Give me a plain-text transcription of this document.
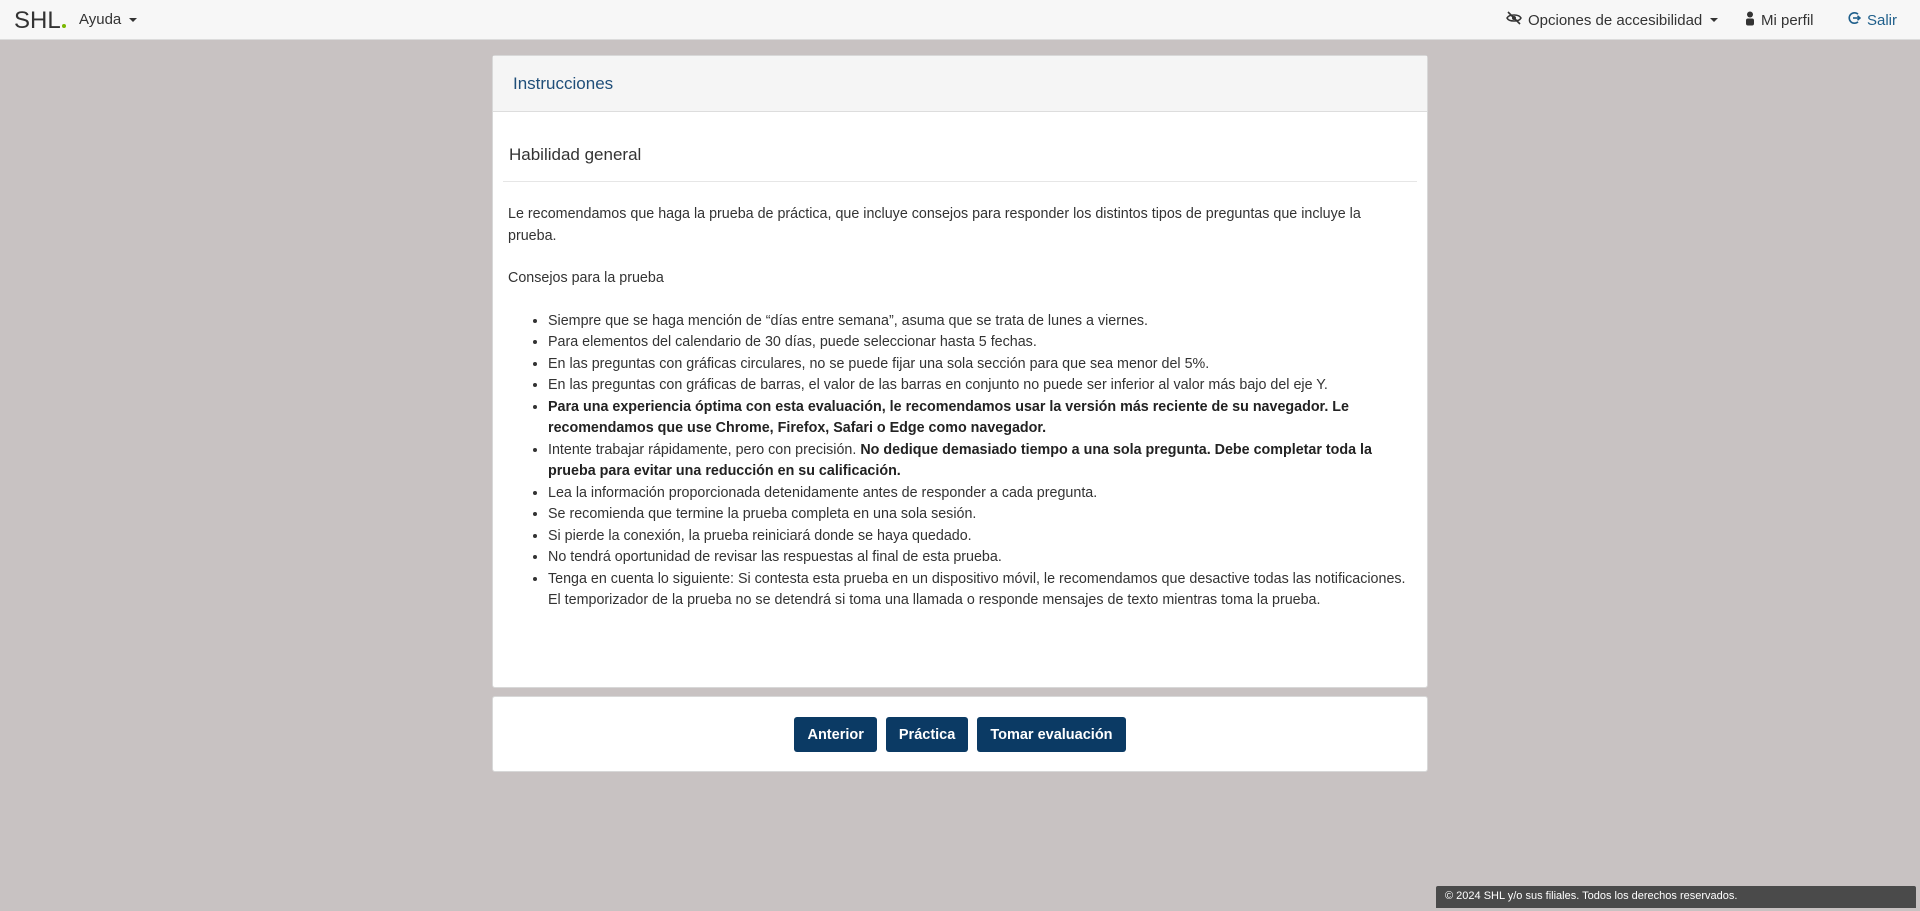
SHL	Ayuda	Opciones de accesibilidad	Mi perfil	Salir
Instrucciones
Habilidad general

Le recomendamos que haga la prueba de práctica, que incluye consejos para responder los distintos tipos de preguntas que incluye la prueba.

Consejos para la prueba

• Siempre que se haga mención de “días entre semana”, asuma que se trata de lunes a viernes.
• Para elementos del calendario de 30 días, puede seleccionar hasta 5 fechas.
• En las preguntas con gráficas circulares, no se puede fijar una sola sección para que sea menor del 5%.
• En las preguntas con gráficas de barras, el valor de las barras en conjunto no puede ser inferior al valor más bajo del eje Y.
• Para una experiencia óptima con esta evaluación, le recomendamos usar la versión más reciente de su navegador. Le recomendamos que use Chrome, Firefox, Safari o Edge como navegador.
• Intente trabajar rápidamente, pero con precisión. No dedique demasiado tiempo a una sola pregunta. Debe completar toda la prueba para evitar una reducción en su calificación.
• Lea la información proporcionada detenidamente antes de responder a cada pregunta.
• Se recomienda que termine la prueba completa en una sola sesión.
• Si pierde la conexión, la prueba reiniciará donde se haya quedado.
• No tendrá oportunidad de revisar las respuestas al final de esta prueba.
• Tenga en cuenta lo siguiente: Si contesta esta prueba en un dispositivo móvil, le recomendamos que desactive todas las notificaciones. El temporizador de la prueba no se detendrá si toma una llamada o responde mensajes de texto mientras toma la prueba.
Anterior	Práctica	Tomar evaluación
© 2024 SHL y/o sus filiales. Todos los derechos reservados.
